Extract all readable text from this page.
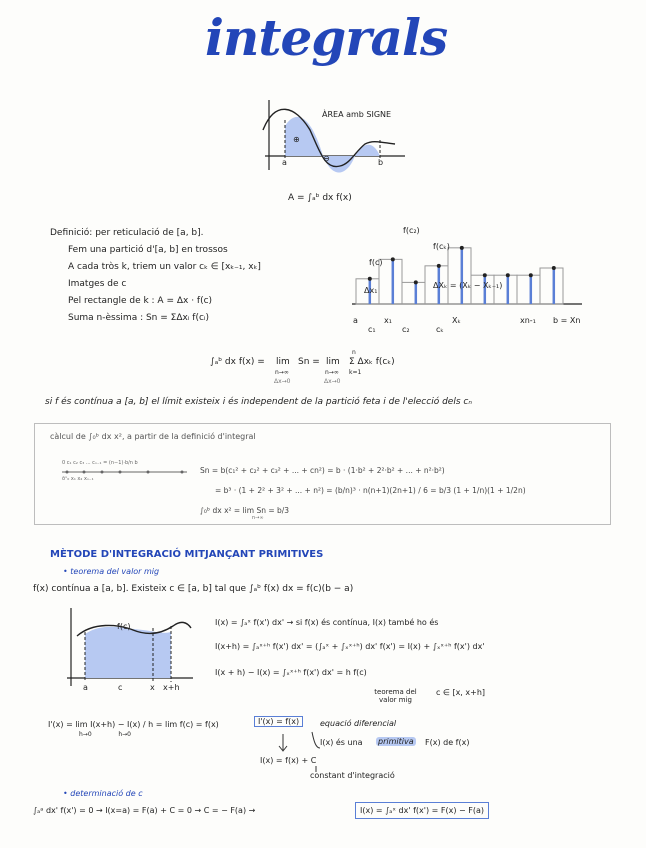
integrals
ÀREA amb SIGNE
⊕
⊖
a	b
A = ∫ₐᵇ dx f(x)
Definició: per reticulació de [a, b].
Fem una partició d'[a, b] en trossos
A cada tròs k, triem un valor cₖ ∈ [xₖ₋₁, xₖ]
Imatges de c
Pel rectangle de k : A = Δx · f(c)
Suma n-èssima : Sn = ΣΔxᵢ f(cᵢ)
f(c)
f(c₂)
f(cₖ)
Δx₁
ΔXₖ = (Xₖ − Xₖ₋₁)
a	x₁	Xₖ	xn-₁ b = Xn
c₁	c₂	cₖ
∫ₐᵇ dx f(x) = lim
n→∞
Δx→0
Sn = lim
n→∞
Δx→0
n
Σ Δxₖ f(cₖ)
k=1
si f és contínua a [a, b] el límit existeix i és independent de la partició feta i de l'elecció dels cₙ
càlcul de ∫₀ᵇ dx x², a partir de la definició d'integral
0 c₁ c₂ c₃ ... cₙ₋₁ = (n−1)·b/n b
ōˣ₀ x₁ x₂ xₙ₋₁
Sn = b(c₁² + c₂² + c₃² + ... + cn²) = b · (1·b² + 2²·b² + ... + n²·b²)
= b³ · (1 + 2² + 3² + ... + n²) = (b/n)³ · n(n+1)(2n+1) / 6 = b/3 (1 + 1/n)(1 + 1/2n)
∫₀ᵇ dx x² = lim Sn = b/3
n→∞
MÈTODE D'INTEGRACIÓ MITJANÇANT PRIMITIVES
• teorema del valor mig
f(x) contínua a [a, b]. Existeix c ∈ [a, b] tal que ∫ₐᵇ f(x) dx = f(c)(b − a)
f(c)
a	c	x x+h
I(x) = ∫ₐˣ f(x') dx' → si f(x) és contínua, I(x) també ho és
I(x+h) = ∫ₐˣ⁺ʰ f(x') dx' = (∫ₐˣ + ∫ₓˣ⁺ʰ) dx' f(x') = I(x) + ∫ₓˣ⁺ʰ f(x') dx'
I(x + h) − I(x) = ∫ₓˣ⁺ʰ f(x') dx' = h f(c)
teorema del valor mig
c ∈ [x, x+h]
I'(x) = lim I(x+h) − I(x) / h = lim f(c) = f(x)
h→0              h→0
I'(x) = f(x)	equació diferencial
I(x) és una primitiva F(x) de f(x)
I(x) = f(x) + C
constant d'integració
• determinació de c
∫ₐᵃ dx' f(x') = 0 → I(x=a) = F(a) + C = 0 → C = − F(a) →	I(x) = ∫ₐˣ dx' f(x') = F(x) − F(a)
